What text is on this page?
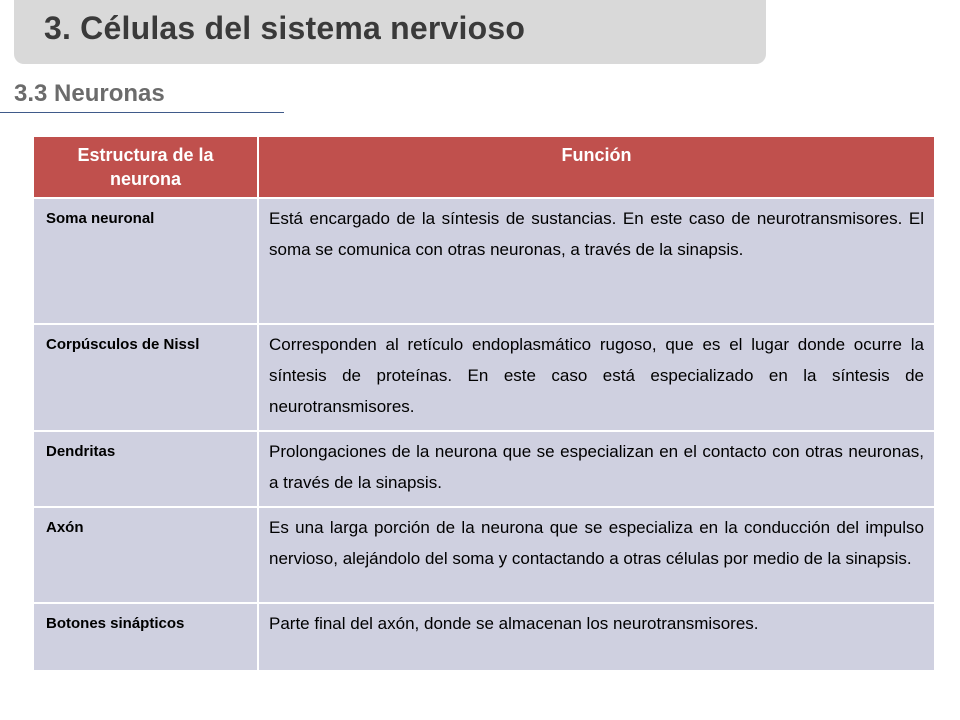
3. Células del sistema nervioso
3.3 Neuronas
Estructura de la neurona	Función
Soma neuronal	Está encargado de la síntesis de sustancias. En este caso de neurotransmisores. El soma se comunica con otras neuronas, a través de la sinapsis.
Corpúsculos de Nissl	Corresponden al retículo endoplasmático rugoso, que es el lugar donde ocurre la síntesis de proteínas. En este caso está especializado en la síntesis de neurotransmisores.
Dendritas	Prolongaciones de la neurona que se especializan en el contacto con otras neuronas, a través de la sinapsis.
Axón	Es una larga porción de la neurona que se especializa en la conducción del impulso nervioso, alejándolo del soma y contactando a otras células por medio de la sinapsis.
Botones sinápticos	Parte final del axón, donde se almacenan los neurotransmisores.
